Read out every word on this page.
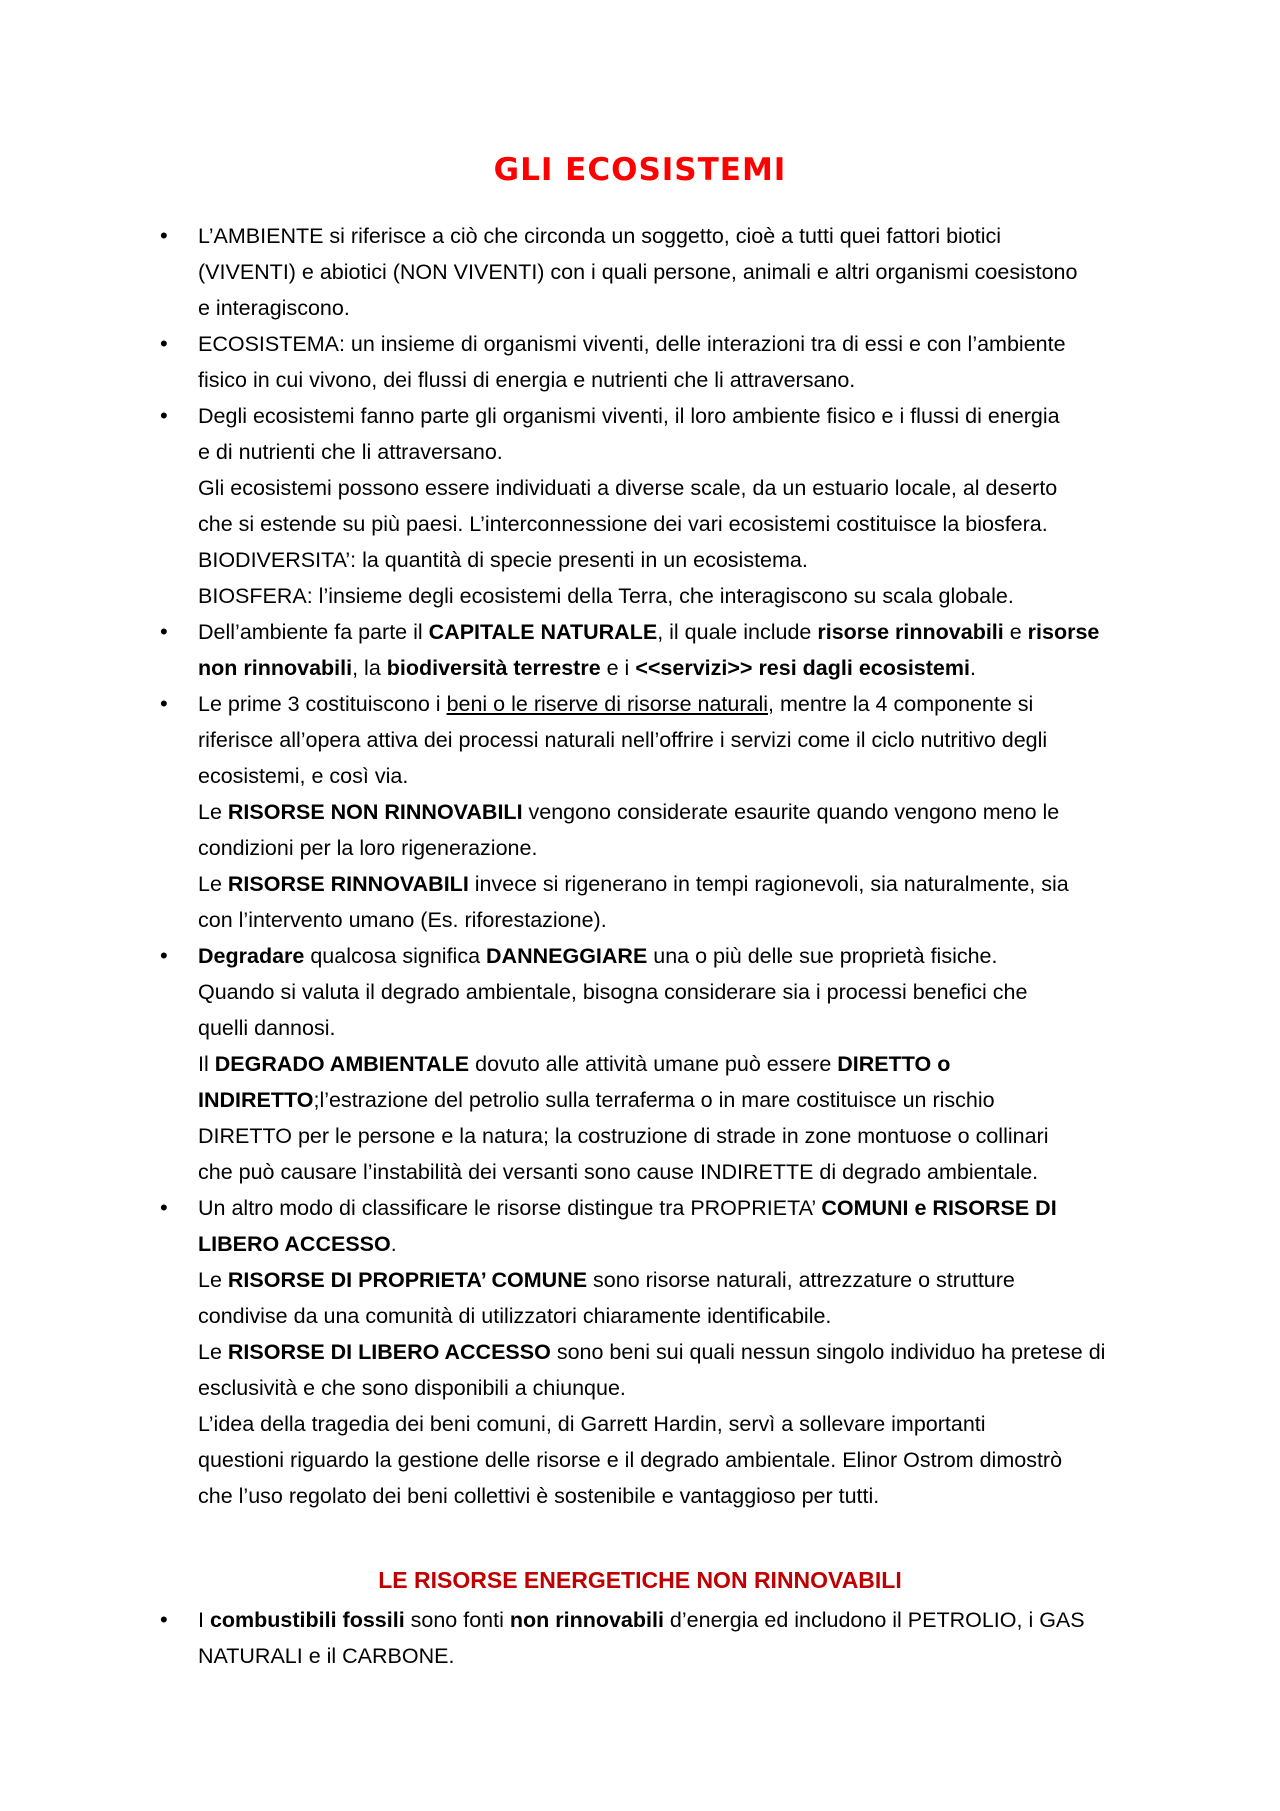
GLI ECOSISTEMI
• L’AMBIENTE si riferisce a ciò che circonda un soggetto, cioè a tutti quei fattori biotici
(VIVENTI) e abiotici (NON VIVENTI) con i quali persone, animali e altri organismi coesistono
e interagiscono.
• ECOSISTEMA: un insieme di organismi viventi, delle interazioni tra di essi e con l’ambiente
fisico in cui vivono, dei flussi di energia e nutrienti che li attraversano.
• Degli ecosistemi fanno parte gli organismi viventi, il loro ambiente fisico e i flussi di energia
e di nutrienti che li attraversano.
Gli ecosistemi possono essere individuati a diverse scale, da un estuario locale, al deserto
che si estende su più paesi. L’interconnessione dei vari ecosistemi costituisce la biosfera.
BIODIVERSITA’: la quantità di specie presenti in un ecosistema.
BIOSFERA: l’insieme degli ecosistemi della Terra, che interagiscono su scala globale.
• Dell’ambiente fa parte il CAPITALE NATURALE, il quale include risorse rinnovabili e risorse
non rinnovabili, la biodiversità terrestre e i <<servizi>> resi dagli ecosistemi.
• Le prime 3 costituiscono i beni o le riserve di risorse naturali, mentre la 4 componente si
riferisce all’opera attiva dei processi naturali nell’offrire i servizi come il ciclo nutritivo degli
ecosistemi, e così via.
Le RISORSE NON RINNOVABILI vengono considerate esaurite quando vengono meno le
condizioni per la loro rigenerazione.
Le RISORSE RINNOVABILI invece si rigenerano in tempi ragionevoli, sia naturalmente, sia
con l’intervento umano (Es. riforestazione).
• Degradare qualcosa significa DANNEGGIARE una o più delle sue proprietà fisiche.
Quando si valuta il degrado ambientale, bisogna considerare sia i processi benefici che
quelli dannosi.
Il DEGRADO AMBIENTALE dovuto alle attività umane può essere DIRETTO o
INDIRETTO;l’estrazione del petrolio sulla terraferma o in mare costituisce un rischio
DIRETTO per le persone e la natura; la costruzione di strade in zone montuose o collinari
che può causare l’instabilità dei versanti sono cause INDIRETTE di degrado ambientale.
• Un altro modo di classificare le risorse distingue tra PROPRIETA’ COMUNI e RISORSE DI
LIBERO ACCESSO.
Le RISORSE DI PROPRIETA’ COMUNE sono risorse naturali, attrezzature o strutture
condivise da una comunità di utilizzatori chiaramente identificabile.
Le RISORSE DI LIBERO ACCESSO sono beni sui quali nessun singolo individuo ha pretese di
esclusività e che sono disponibili a chiunque.
L’idea della tragedia dei beni comuni, di Garrett Hardin, servì a sollevare importanti
questioni riguardo la gestione delle risorse e il degrado ambientale. Elinor Ostrom dimostrò
che l’uso regolato dei beni collettivi è sostenibile e vantaggioso per tutti.
LE RISORSE ENERGETICHE NON RINNOVABILI
• I combustibili fossili sono fonti non rinnovabili d’energia ed includono il PETROLIO, i GAS
NATURALI e il CARBONE.
